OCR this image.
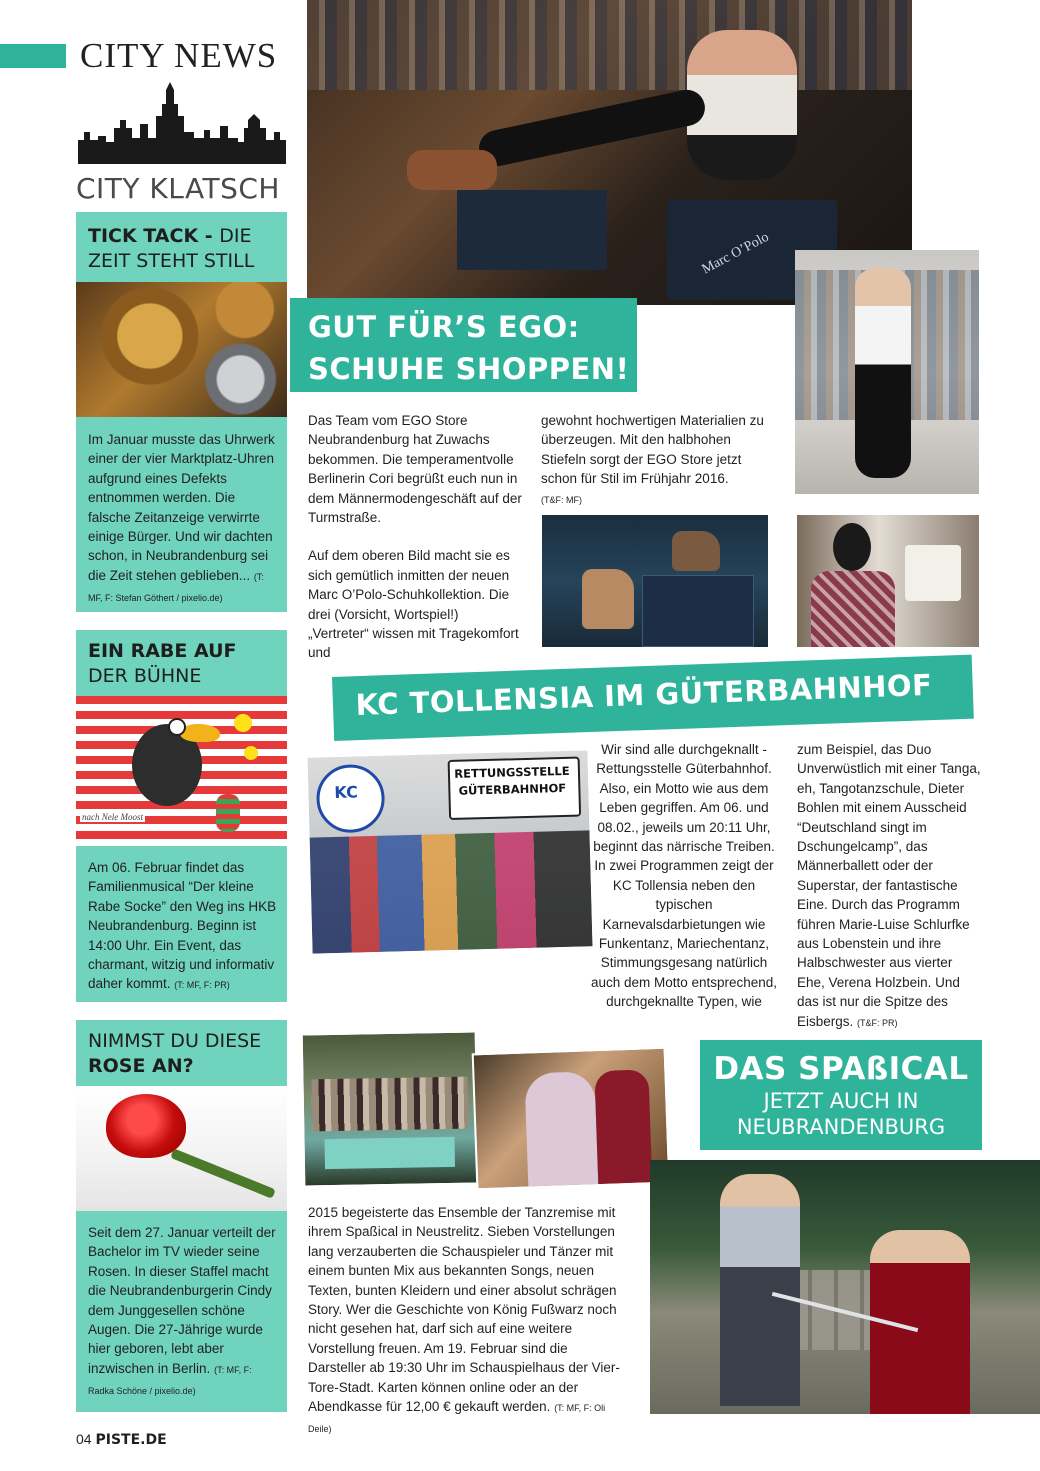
CITY NEWS
CITY KLATSCH
TICK TACK - DIE
ZEIT STEHT STILL
Im Januar musste das Uhrwerk einer der vier Marktplatz-Uhren aufgrund eines Defekts entnommen werden. Die falsche Zeitanzeige verwirrte einige Bürger. Und wir dachten schon, in Neubrandenburg sei die Zeit stehen geblieben... (T: MF, F: Stefan Göthert / pixelio.de)
EIN RABE AUF
DER BÜHNE
nach Nele Moost
Am 06. Februar findet das Familienmusical “Der kleine Rabe Socke” den Weg ins HKB Neubrandenburg. Beginn ist 14:00 Uhr. Ein Event, das charmant, witzig und informativ daher kommt. (T: MF, F: PR)
NIMMST DU DIESE
ROSE AN?
Seit dem 27. Januar verteilt der Bachelor im TV wieder seine Rosen. In dieser Staffel macht die Neubrandenburgerin Cindy dem Junggesellen schöne Augen. Die 27-Jährige wurde hier geboren, lebt aber inzwischen in Berlin. (T: MF, F: Radka Schöne / pixelio.de)
Marc O’Polo
GUT FÜR’S EGO:
SCHUHE SHOPPEN!
Das Team vom EGO Store Neubrandenburg hat Zuwachs bekommen. Die temperamentvolle Berlinerin Cori begrüßt euch nun in dem Männermodengeschäft auf der Turmstraße.
Auf dem oberen Bild macht sie es sich gemütlich inmitten der neuen Marc O’Polo-Schuhkollektion. Die drei (Vorsicht, Wortspiel!) „Vertreter“ wissen mit Tragekomfort und
gewohnt hochwertigen Materialien zu überzeugen. Mit den halbhohen Stiefeln sorgt der EGO Store jetzt schon für Stil im Frühjahr 2016.
(T&F: MF)
KC TOLLENSIA IM GÜTERBAHNHOF
KC
RETTUNGSSTELLE
GÜTERBAHNHOF
Wir sind alle durchgeknallt - Rettungsstelle Güterbahnhof. Also, ein Motto wie aus dem Leben gegriffen. Am 06. und 08.02., jeweils um 20:11 Uhr, beginnt das närrische Treiben. In zwei Programmen zeigt der KC Tollensia neben den typischen Karnevalsdarbietungen wie Funkentanz, Mariechentanz, Stimmungsgesang natürlich auch dem Motto entsprechend, durchgeknallte Typen, wie
zum Beispiel, das Duo Unverwüstlich mit einer Tanga, eh, Tangotanzschule, Dieter Bohlen mit einem Ausscheid “Deutschland singt im Dschungelcamp”, das Männerballett oder der Superstar, der fantastische Eine. Durch das Programm führen Marie-Luise Schlurfke aus Lobenstein und ihre Halbschwester aus vierter Ehe, Verena Holzbein. Und das ist nur die Spitze des Eisbergs. (T&F: PR)
DAS SPAßICAL
JETZT AUCH IN
NEUBRANDENBURG
2015 begeisterte das Ensemble der Tanzremise mit ihrem Spaßical in Neustrelitz. Sieben Vorstellungen lang verzauberten die Schauspieler und Tänzer mit einem bunten Mix aus bekannten Songs, neuen Texten, bunten Kleidern und einer absolut schrägen Story. Wer die Geschichte von König Fußwarz noch nicht gesehen hat, darf sich auf eine weitere Vorstellung freuen. Am 19. Februar sind die Darsteller ab 19:30 Uhr im Schauspielhaus der Vier-Tore-Stadt. Karten können online oder an der Abendkasse für 12,00 € gekauft werden. (T: MF, F: Oli Deile)
04 PISTE.DE
